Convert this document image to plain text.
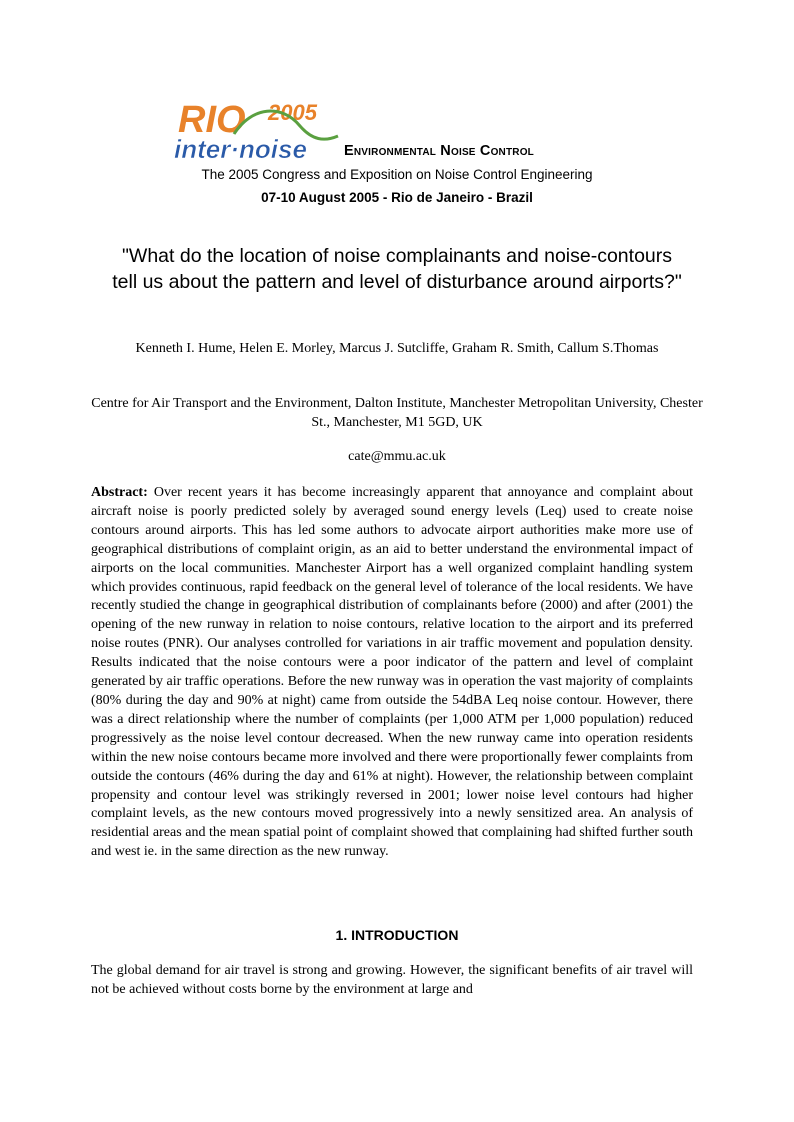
RIO 2005
inter·noise	Environmental Noise Control
The 2005 Congress and Exposition on Noise Control Engineering
07-10 August 2005 - Rio de Janeiro - Brazil
"What do the location of noise complainants and noise-contours tell us about the pattern and level of disturbance around airports?"
Kenneth I. Hume, Helen E. Morley, Marcus J. Sutcliffe, Graham R. Smith, Callum S.Thomas
Centre for Air Transport and the Environment, Dalton Institute, Manchester Metropolitan University, Chester St., Manchester, M1 5GD, UK
cate@mmu.ac.uk

Abstract: Over recent years it has become increasingly apparent that annoyance and complaint about aircraft noise is poorly predicted solely by averaged sound energy levels (Leq) used to create noise contours around airports. This has led some authors to advocate airport authorities make more use of geographical distributions of complaint origin, as an aid to better understand the environmental impact of airports on the local communities. Manchester Airport has a well organized complaint handling system which provides continuous, rapid feedback on the general level of tolerance of the local residents. We have recently studied the change in geographical distribution of complainants before (2000) and after (2001) the opening of the new runway in relation to noise contours, relative location to the airport and its preferred noise routes (PNR). Our analyses controlled for variations in air traffic movement and population density. Results indicated that the noise contours were a poor indicator of the pattern and level of complaint generated by air traffic operations. Before the new runway was in operation the vast majority of complaints (80% during the day and 90% at night) came from outside the 54dBA Leq noise contour. However, there was a direct relationship where the number of complaints (per 1,000 ATM per 1,000 population) reduced progressively as the noise level contour decreased. When the new runway came into operation residents within the new noise contours became more involved and there were proportionally fewer complaints from outside the contours (46% during the day and 61% at night). However, the relationship between complaint propensity and contour level was strikingly reversed in 2001; lower noise level contours had higher complaint levels, as the new contours moved progressively into a newly sensitized area. An analysis of residential areas and the mean spatial point of complaint showed that complaining had shifted further south and west ie. in the same direction as the new runway.

1. INTRODUCTION

The global demand for air travel is strong and growing. However, the significant benefits of air travel will not be achieved without costs borne by the environment at large and
